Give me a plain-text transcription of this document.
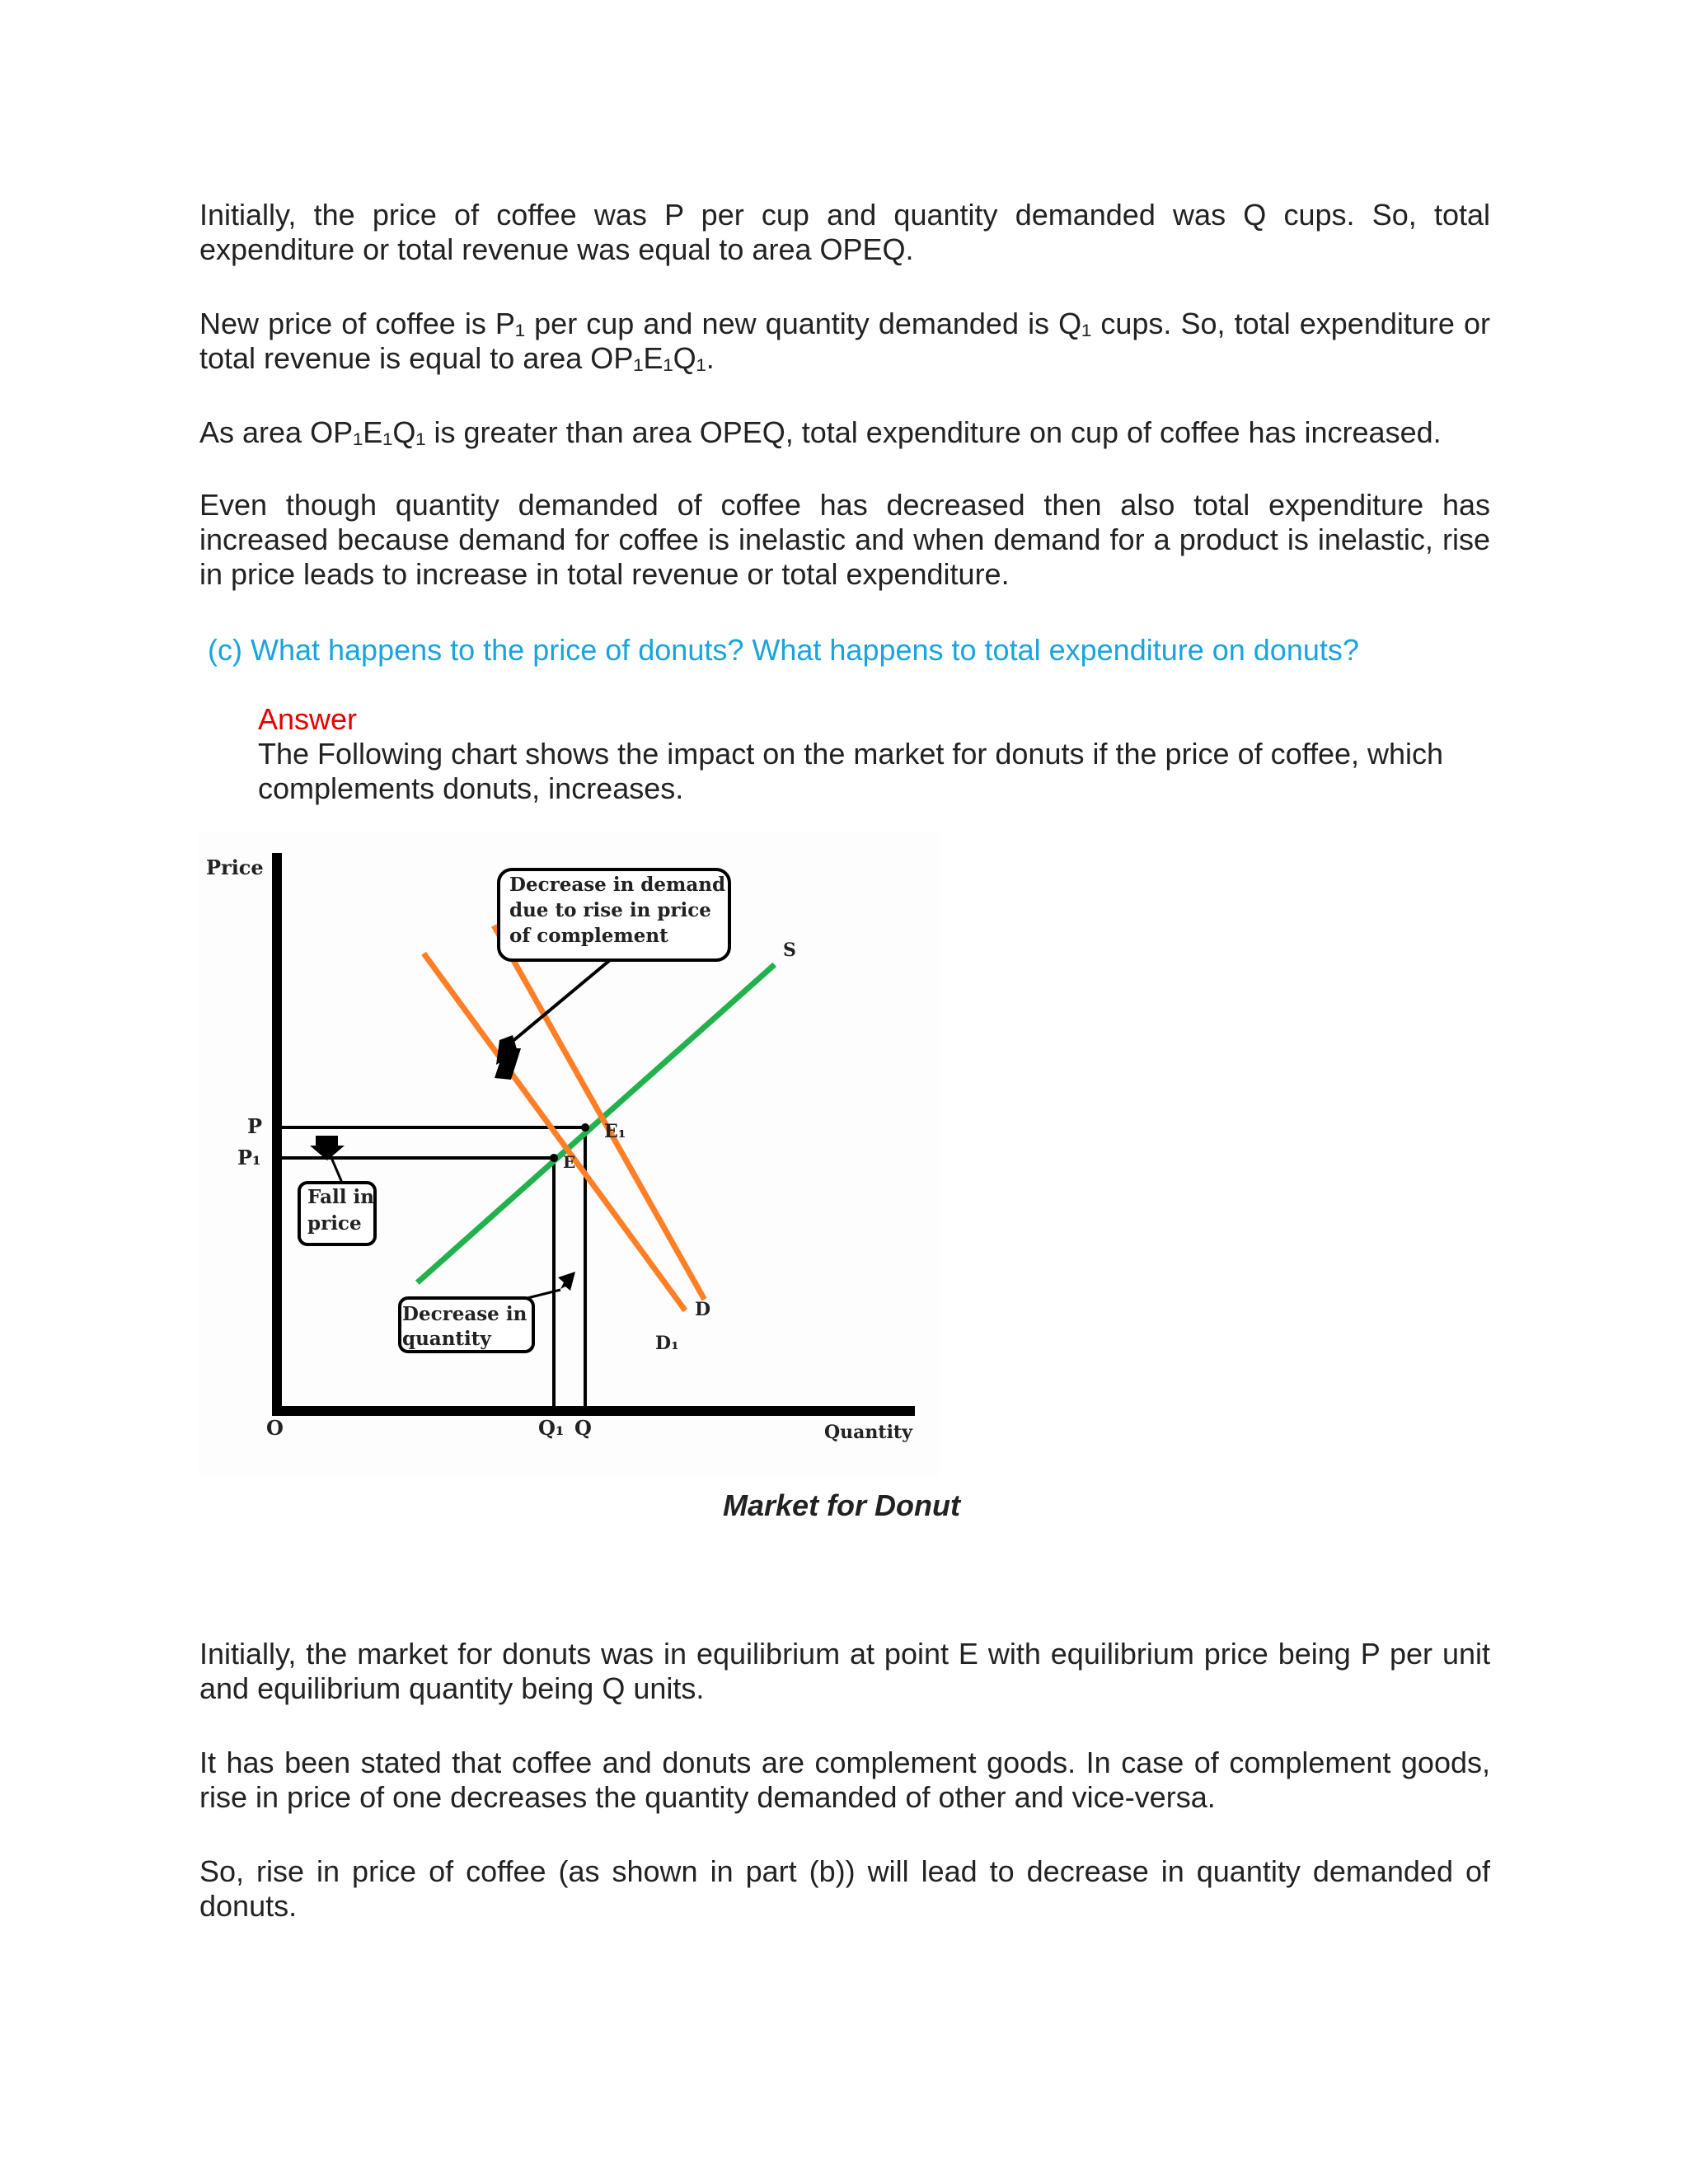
Initially, the price of coffee was P per cup and quantity demanded was Q cups. So, total expenditure or total revenue was equal to area OPEQ.

New price of coffee is P₁ per cup and new quantity demanded is Q₁ cups. So, total expenditure or total revenue is equal to area OP₁E₁Q₁.

As area OP₁E₁Q₁ is greater than area OPEQ, total expenditure on cup of coffee has increased.

Even though quantity demanded of coffee has decreased then also total expenditure has increased because demand for coffee is inelastic and when demand for a product is inelastic, rise in price leads to increase in total revenue or total expenditure.

(c) What happens to the price of donuts? What happens to total expenditure on donuts?

Answer

The Following chart shows the impact on the market for donuts if the price of coffee, which complements donuts, increases.

Price
Quantity
O
P
P₁
Q₁ Q
S
D
D₁
E
E₁
Decrease in demand due to rise in price of complement
Fall in price
Decrease in quantity
Market for Donut

Initially, the market for donuts was in equilibrium at point E with equilibrium price being P per unit and equilibrium quantity being Q units.

It has been stated that coffee and donuts are complement goods. In case of complement goods, rise in price of one decreases the quantity demanded of other and vice-versa.

So, rise in price of coffee (as shown in part (b)) will lead to decrease in quantity demanded of donuts.
